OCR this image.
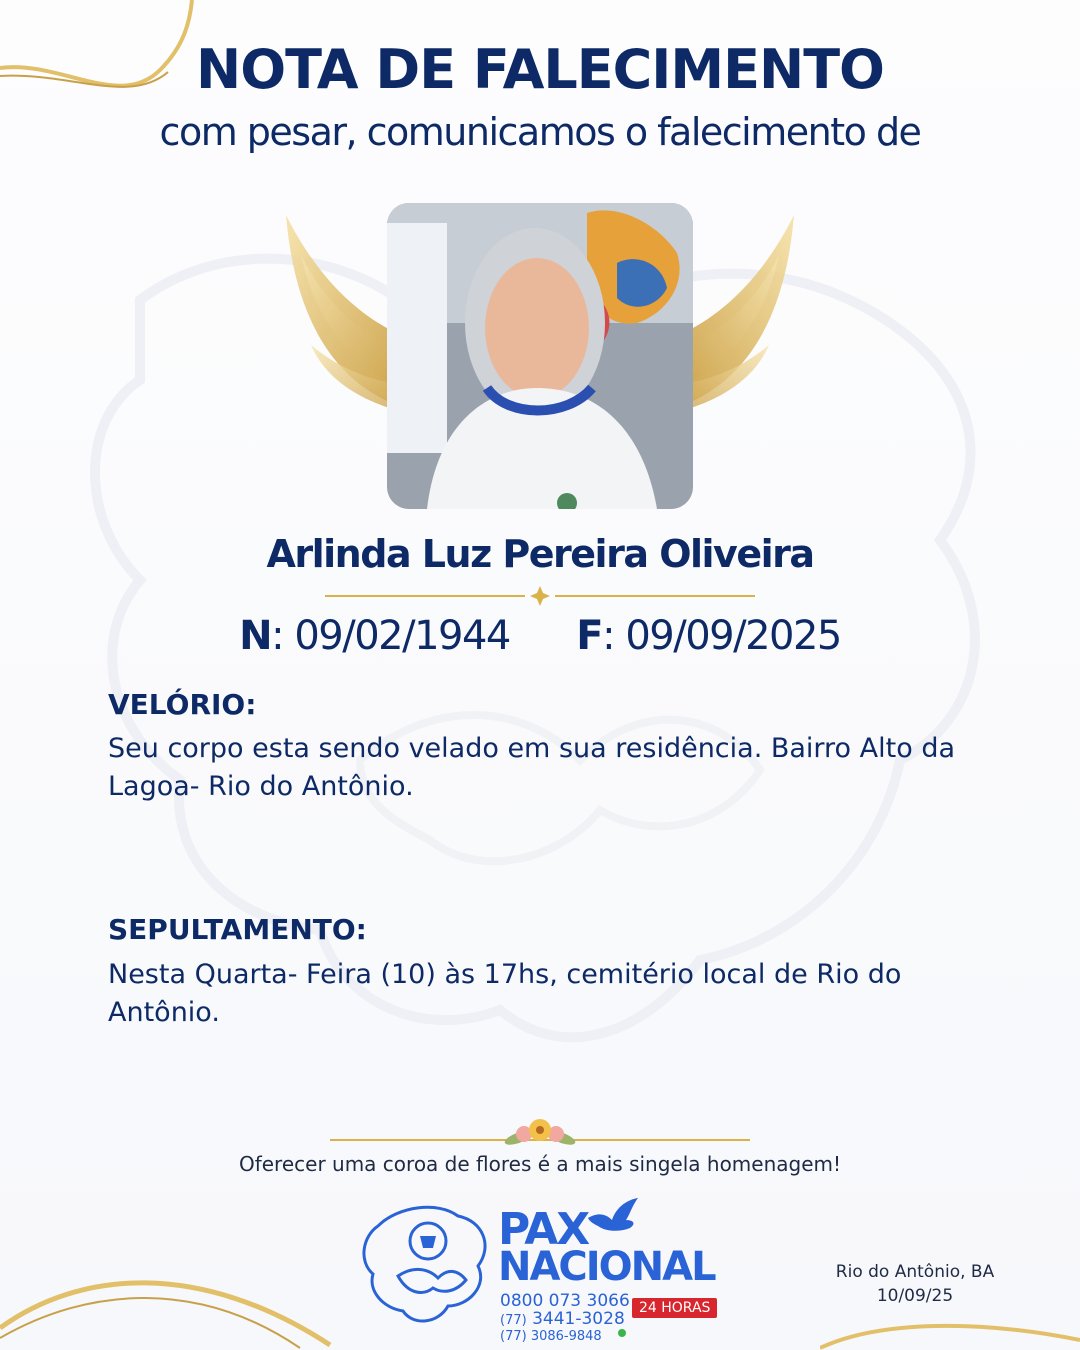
NOTA DE FALECIMENTO
com pesar, comunicamos o falecimento de
Arlinda Luz Pereira Oliveira
N: 09/02/1944 F: 09/09/2025
VELÓRIO:
Seu corpo esta sendo velado em sua residência. Bairro Alto da Lagoa- Rio do Antônio.
SEPULTAMENTO:
Nesta Quarta- Feira (10) às 17hs, cemitério local de Rio do Antônio.
Oferecer uma coroa de flores é a mais singela homenagem!
PAX
NACIONAL
0800 073 3066
(77) 3441-3028
(77) 3086-9848
24 HORAS
Rio do Antônio, BA
10/09/25
